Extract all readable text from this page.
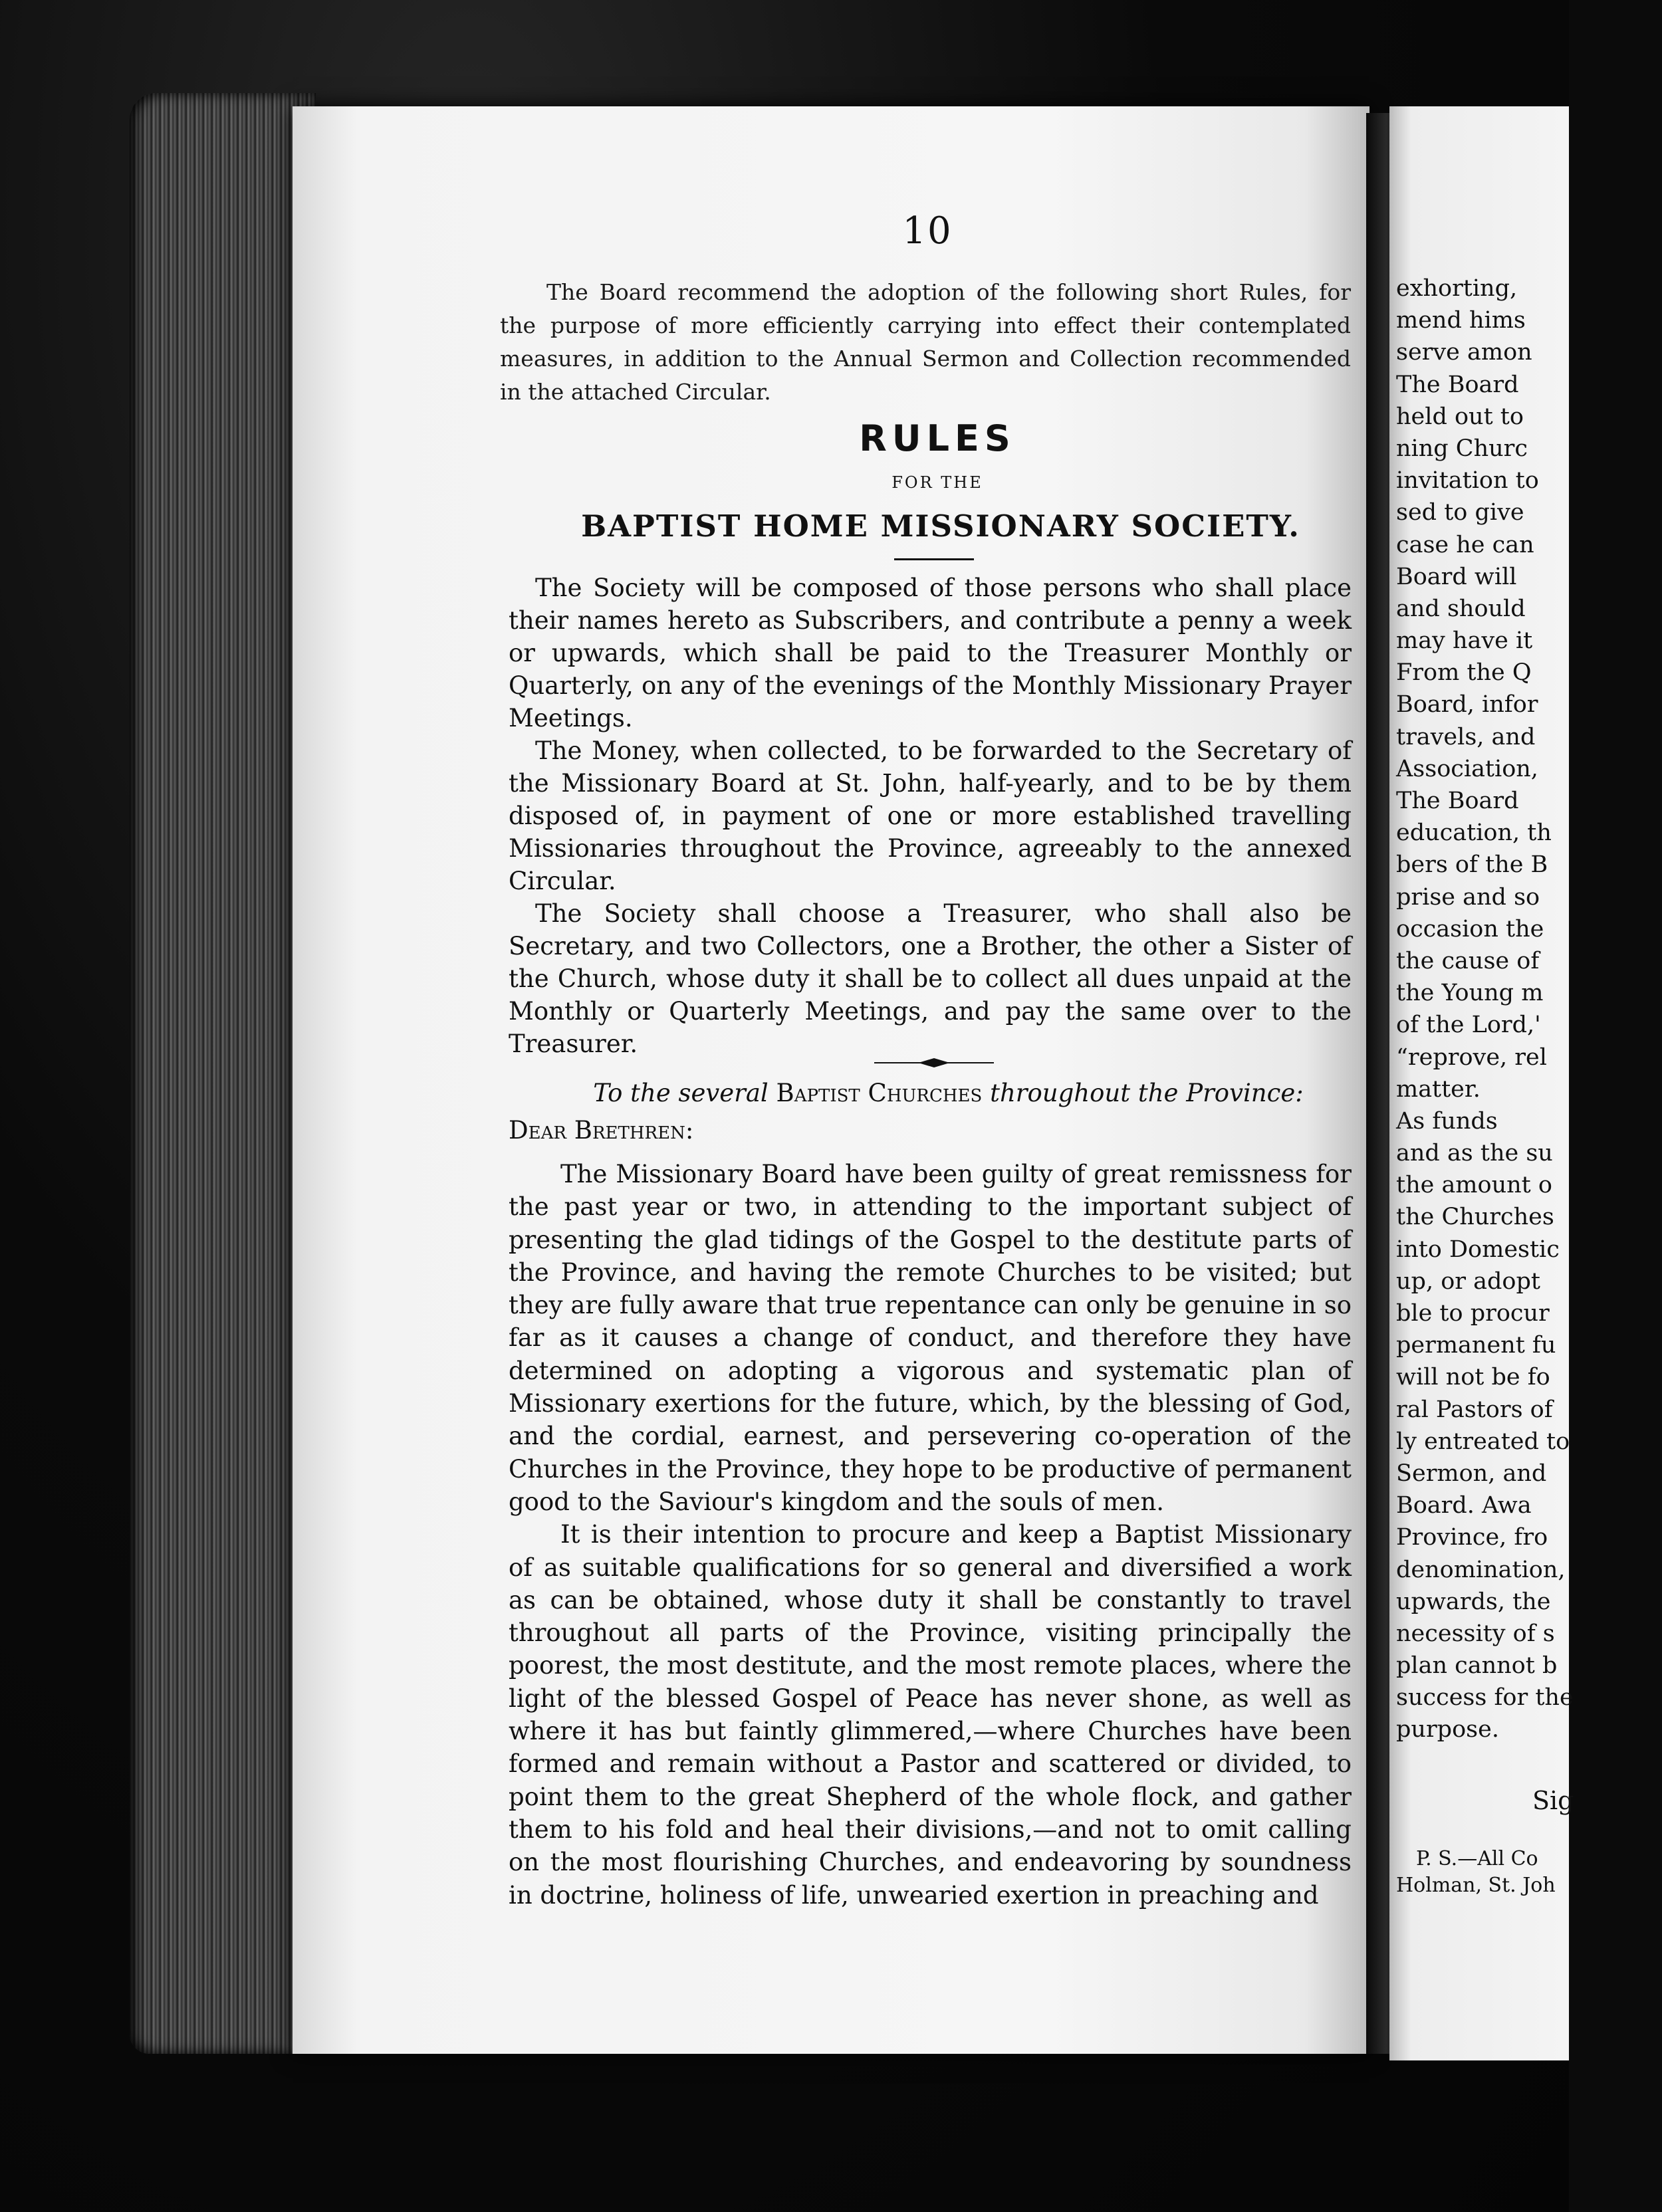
10
The Board recommend the adoption of the following short Rules, for the purpose of more efficiently carrying into effect their contemplated measures, in addition to the Annual Sermon and Collection recommended in the attached Circular.
RULES
FOR THE
BAPTIST HOME MISSIONARY SOCIETY.

The Society will be composed of those persons who shall place their names hereto as Subscribers, and contribute a penny a week or upwards, which shall be paid to the Treasurer Monthly or Quarterly, on any of the evenings of the Monthly Missionary Prayer Meetings.

The Money, when collected, to be forwarded to the Secretary of the Missionary Board at St. John, half-yearly, and to be by them disposed of, in payment of one or more established travelling Missionaries throughout the Province, agreeably to the annexed Circular.

The Society shall choose a Treasurer, who shall also be Secretary, and two Collectors, one a Brother, the other a Sister of the Church, whose duty it shall be to collect all dues unpaid at the Monthly or Quarterly Meetings, and pay the same over to the Treasurer.

To the several Baptist Churches throughout the Province:
Dear Brethren:

The Missionary Board have been guilty of great remissness for the past year or two, in attending to the important subject of presenting the glad tidings of the Gospel to the destitute parts of the Province, and having the remote Churches to be visited; but they are fully aware that true repentance can only be genuine in so far as it causes a change of conduct, and therefore they have determined on adopting a vigorous and systematic plan of Missionary exertions for the future, which, by the blessing of God, and the cordial, earnest, and persevering co-operation of the Churches in the Province, they hope to be productive of permanent good to the Saviour's kingdom and the souls of men.

It is their intention to procure and keep a Baptist Missionary of as suitable qualifications for so general and diversified a work as can be obtained, whose duty it shall be constantly to travel throughout all parts of the Province, visiting principally the poorest, the most destitute, and the most remote places, where the light of the blessed Gospel of Peace has never shone, as well as where it has but faintly glimmered,—where Churches have been formed and remain without a Pastor and scattered or divided, to point them to the great Shepherd of the whole flock, and gather them to his fold and heal their divisions,—and not to omit calling on the most flourishing Churches, and endeavoring by soundness in doctrine, holiness of life, unwearied exertion in preaching and

exhorting,
mend hims
serve amon
The Board
held out to
ning Churc
invitation to
sed to give
case he can
Board will
and should
may have it
From the Q
Board, infor
travels, and
Association,
The Board
education, th
bers of the B
prise and so
occasion the
the cause of
the Young m
of the Lord,'
“reprove, rel
matter.
As funds
and as the su
the amount o
the Churches
into Domestic
up, or adopt
ble to procur
permanent fu
will not be fo
ral Pastors of
ly entreated to
Sermon, and
Board. Awa
Province, fro
denomination,
upwards, the
necessity of s
plan cannot b
success for the
purpose.
Sig
P. S.—All Co
Holman, St. Joh
